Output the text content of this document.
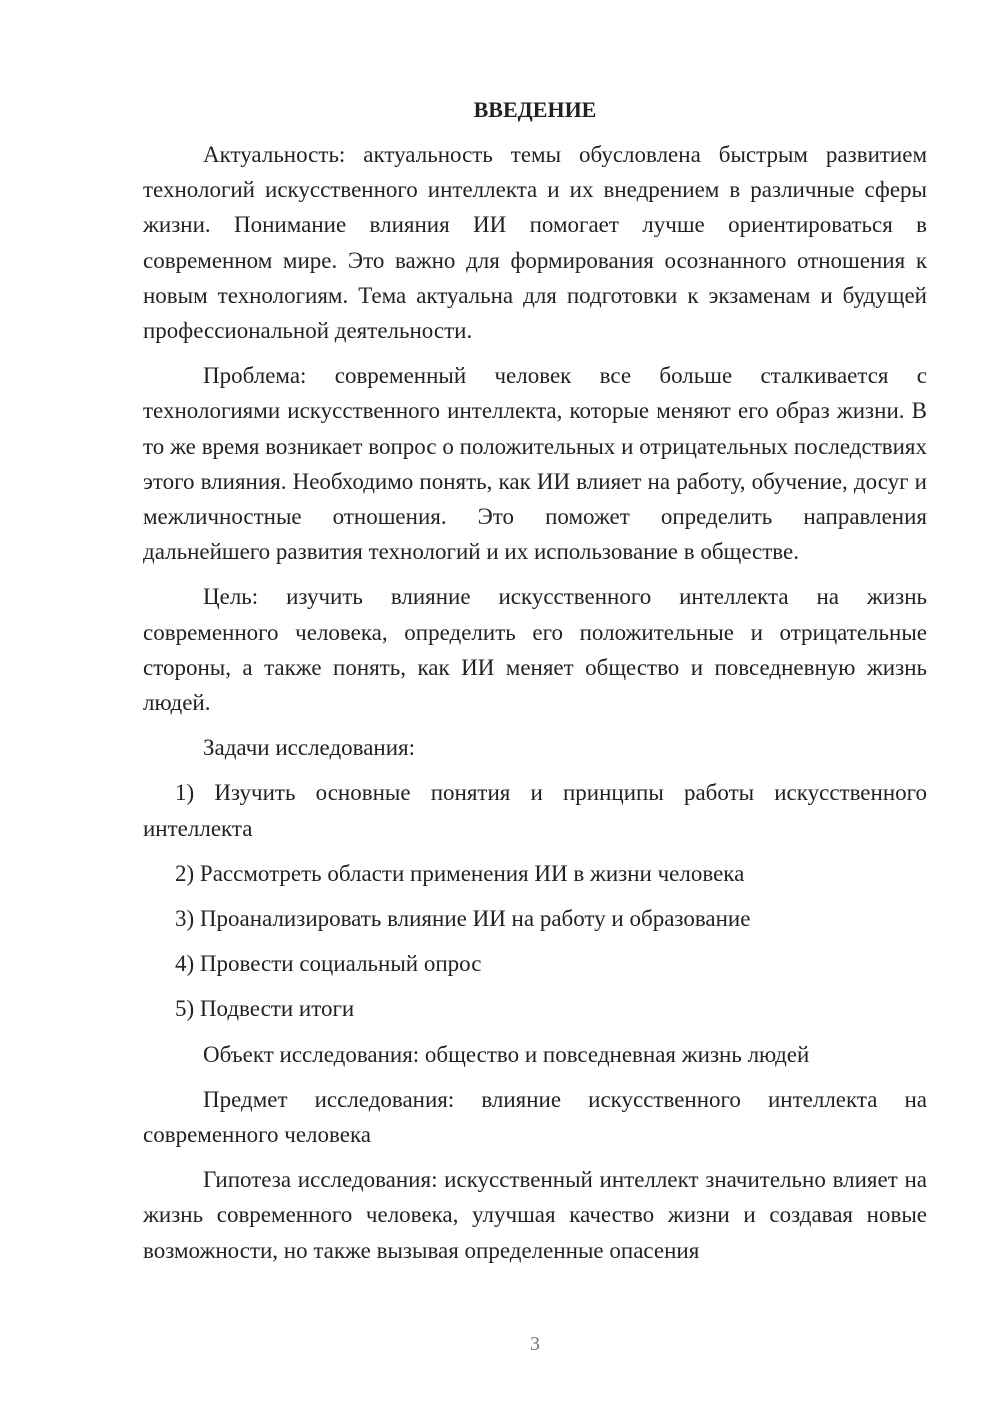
ВВЕДЕНИЕ

Актуальность: актуальность темы обусловлена быстрым развитием технологий искусственного интеллекта и их внедрением в различные сферы жизни. Понимание влияния ИИ помогает лучше ориентироваться в современном мире. Это важно для формирования осознанного отношения к новым технологиям. Тема актуальна для подготовки к экзаменам и будущей профессиональной деятельности.

Проблема: современный человек все больше сталкивается с технологиями искусственного интеллекта, которые меняют его образ жизни. В то же время возникает вопрос о положительных и отрицательных последствиях этого влияния. Необходимо понять, как ИИ влияет на работу, обучение, досуг и межличностные отношения. Это поможет определить направления дальнейшего развития технологий и их использование в обществе.

Цель: изучить влияние искусственного интеллекта на жизнь современного человека, определить его положительные и отрицательные стороны, а также понять, как ИИ меняет общество и повседневную жизнь людей.

Задачи исследования:

1) Изучить основные понятия и принципы работы искусственного интеллекта

2) Рассмотреть области применения ИИ в жизни человека

3) Проанализировать влияние ИИ на работу и образование

4) Провести социальный опрос

5) Подвести итоги

Объект исследования: общество и повседневная жизнь людей

Предмет исследования: влияние искусственного интеллекта на современного человека

Гипотеза исследования: искусственный интеллект значительно влияет на жизнь современного человека, улучшая качество жизни и создавая новые возможности, но также вызывая определенные опасения

3
